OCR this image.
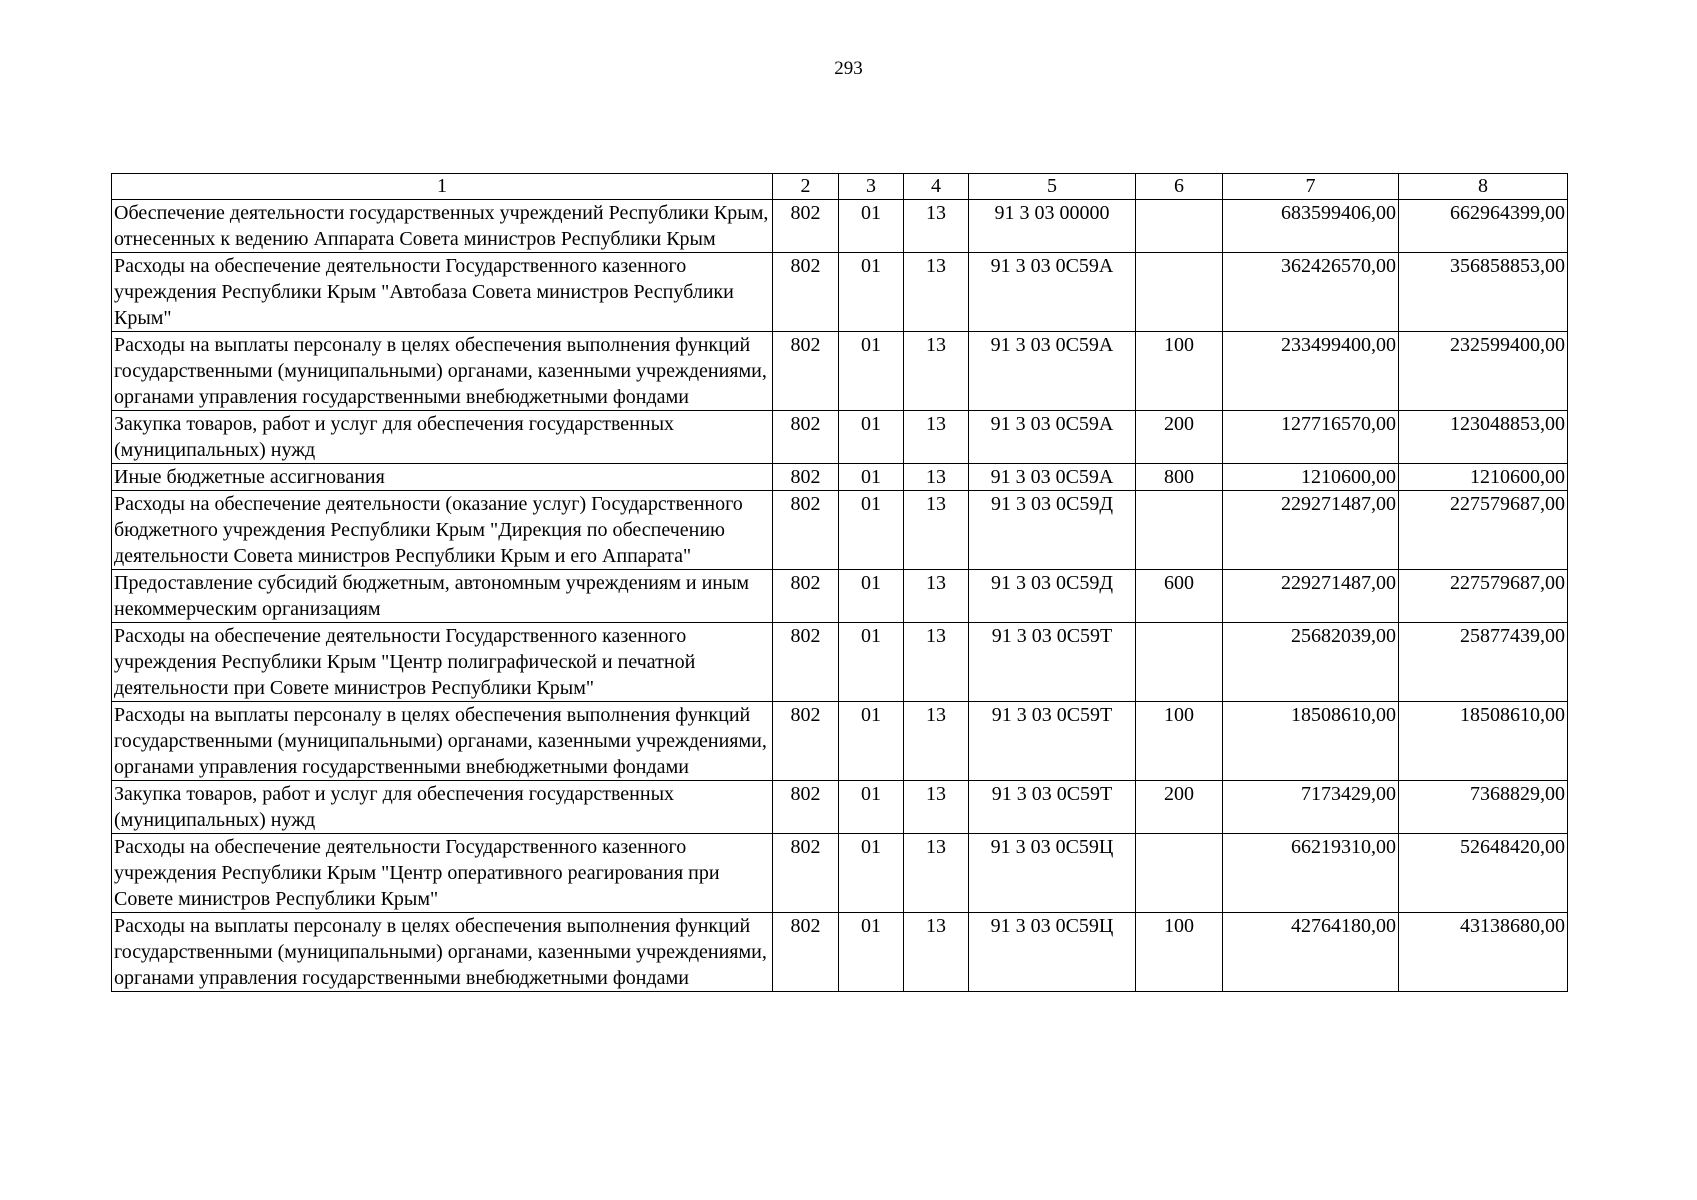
293
1	2	3	4	5	6	7	8
Обеспечение деятельности государственных учреждений Республики Крым, отнесенных к ведению Аппарата Совета министров Республики Крым	802	01	13	91 3 03 00000		683599406,00	662964399,00
Расходы на обеспечение деятельности Государственного казенного учреждения Республики Крым "Автобаза Совета министров Республики Крым"	802	01	13	91 3 03 0С59А		362426570,00	356858853,00
Расходы на выплаты персоналу в целях обеспечения выполнения функций государственными (муниципальными) органами, казенными учреждениями, органами управления государственными внебюджетными фондами	802	01	13	91 3 03 0С59А	100	233499400,00	232599400,00
Закупка товаров, работ и услуг для обеспечения государственных (муниципальных) нужд	802	01	13	91 3 03 0С59А	200	127716570,00	123048853,00
Иные бюджетные ассигнования	802	01	13	91 3 03 0С59А	800	1210600,00	1210600,00
Расходы на обеспечение деятельности (оказание услуг) Государственного бюджетного учреждения Республики Крым "Дирекция по обеспечению деятельности Совета министров Республики Крым и его Аппарата"	802	01	13	91 3 03 0С59Д		229271487,00	227579687,00
Предоставление субсидий бюджетным, автономным учреждениям и иным некоммерческим организациям	802	01	13	91 3 03 0С59Д	600	229271487,00	227579687,00
Расходы на обеспечение деятельности Государственного казенного учреждения Республики Крым "Центр полиграфической и печатной деятельности при Совете министров Республики Крым"	802	01	13	91 3 03 0С59Т		25682039,00	25877439,00
Расходы на выплаты персоналу в целях обеспечения выполнения функций государственными (муниципальными) органами, казенными учреждениями, органами управления государственными внебюджетными фондами	802	01	13	91 3 03 0С59Т	100	18508610,00	18508610,00
Закупка товаров, работ и услуг для обеспечения государственных (муниципальных) нужд	802	01	13	91 3 03 0С59Т	200	7173429,00	7368829,00
Расходы на обеспечение деятельности Государственного казенного учреждения Республики Крым "Центр оперативного реагирования при Совете министров Республики Крым"	802	01	13	91 3 03 0С59Ц		66219310,00	52648420,00
Расходы на выплаты персоналу в целях обеспечения выполнения функций государственными (муниципальными) органами, казенными учреждениями, органами управления государственными внебюджетными фондами	802	01	13	91 3 03 0С59Ц	100	42764180,00	43138680,00
